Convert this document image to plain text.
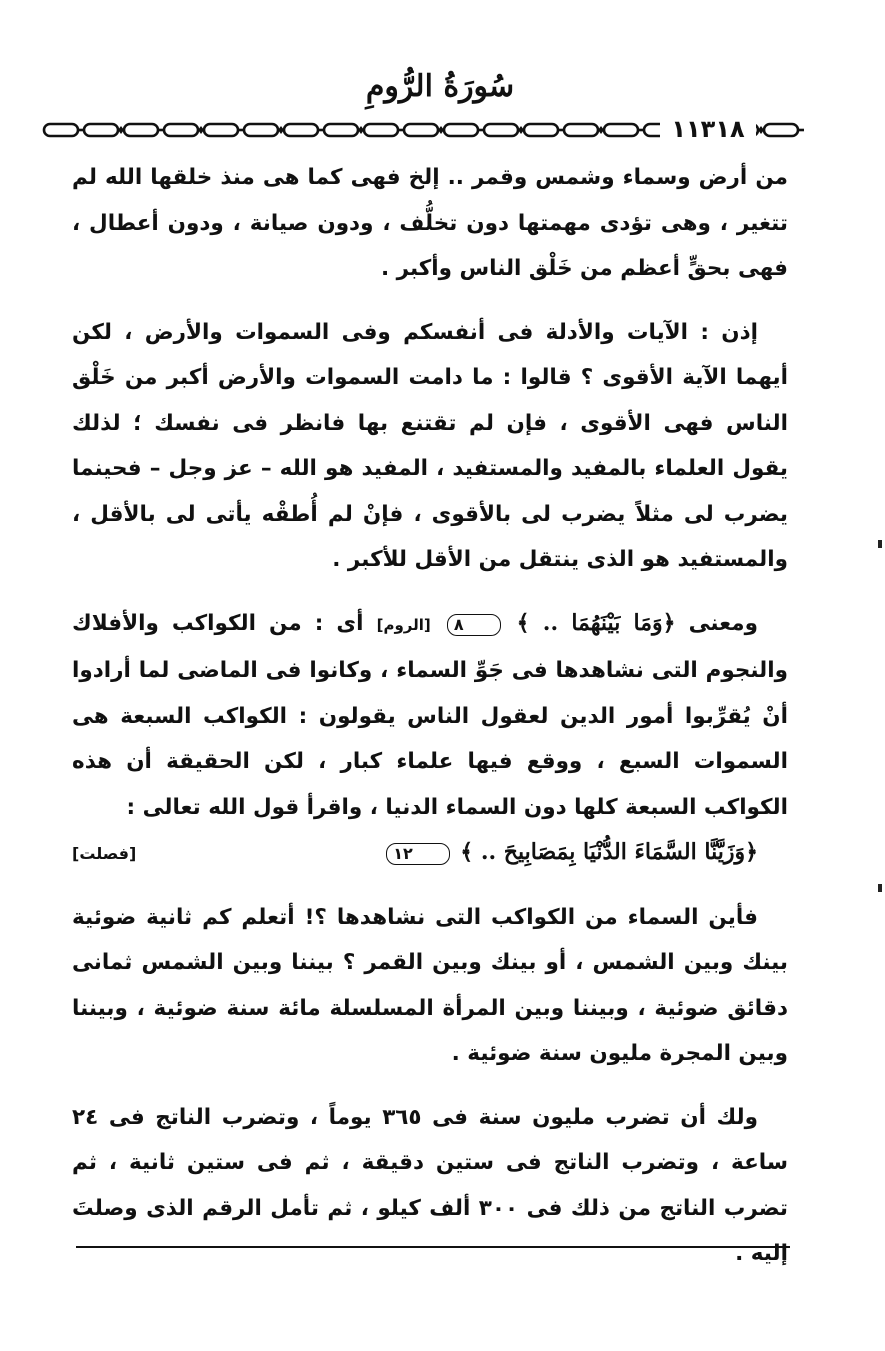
سُورَةُ الرُّومِ
١١٣١٨

من أرض وسماء وشمس وقمر .. إلخ فهى كما هى منذ خلقها الله لم تتغير ، وهى تؤدى مهمتها دون تخلُّف ، ودون صيانة ، ودون أعطال ، فهى بحقٍّ أعظم من خَلْق الناس وأكبر .

إذن : الآيات والأدلة فى أنفسكم وفى السموات والأرض ، لكن أيهما الآية الأقوى ؟ قالوا : ما دامت السموات والأرض أكبر من خَلْق الناس فهى الأقوى ، فإن لم تقتنع بها فانظر فى نفسك ؛ لذلك يقول العلماء بالمفيد والمستفيد ، المفيد هو الله – عز وجل – فحينما يضرب لى مثلاً يضرب لى بالأقوى ، فإنْ لم أُطقْه يأتى لى بالأقل ، والمستفيد هو الذى ينتقل من الأقل للأكبر .

ومعنى ﴿وَمَا بَيْنَهُمَا .. ﴾ ٨ [الروم] أى : من الكواكب والأفلاك والنجوم التى نشاهدها فى جَوِّ السماء ، وكانوا فى الماضى لما أرادوا أنْ يُقرِّبوا أمور الدين لعقول الناس يقولون : الكواكب السبعة هى السموات السبع ، ووقع فيها علماء كبار ، لكن الحقيقة أن هذه الكواكب السبعة كلها دون السماء الدنيا ، واقرأ قول الله تعالى :
﴿وَزَيَّنَّا السَّمَاءَ الدُّنْيَا بِمَصَابِيحَ .. ﴾ ١٢
[فصلت]

فأين السماء من الكواكب التى نشاهدها ؟! أتعلم كم ثانية ضوئية بينك وبين الشمس ، أو بينك وبين القمر ؟ بيننا وبين الشمس ثمانى دقائق ضوئية ، وبيننا وبين المرأة المسلسلة مائة سنة ضوئية ، وبيننا وبين المجرة مليون سنة ضوئية .

ولك أن تضرب مليون سنة فى ٣٦٥ يوماً ، وتضرب الناتج فى ٢٤ ساعة ، وتضرب الناتج فى ستين دقيقة ، ثم فى ستين ثانية ، ثم تضرب الناتج من ذلك فى ٣٠٠ ألف كيلو ، ثم تأمل الرقم الذى وصلتَ إليه .
